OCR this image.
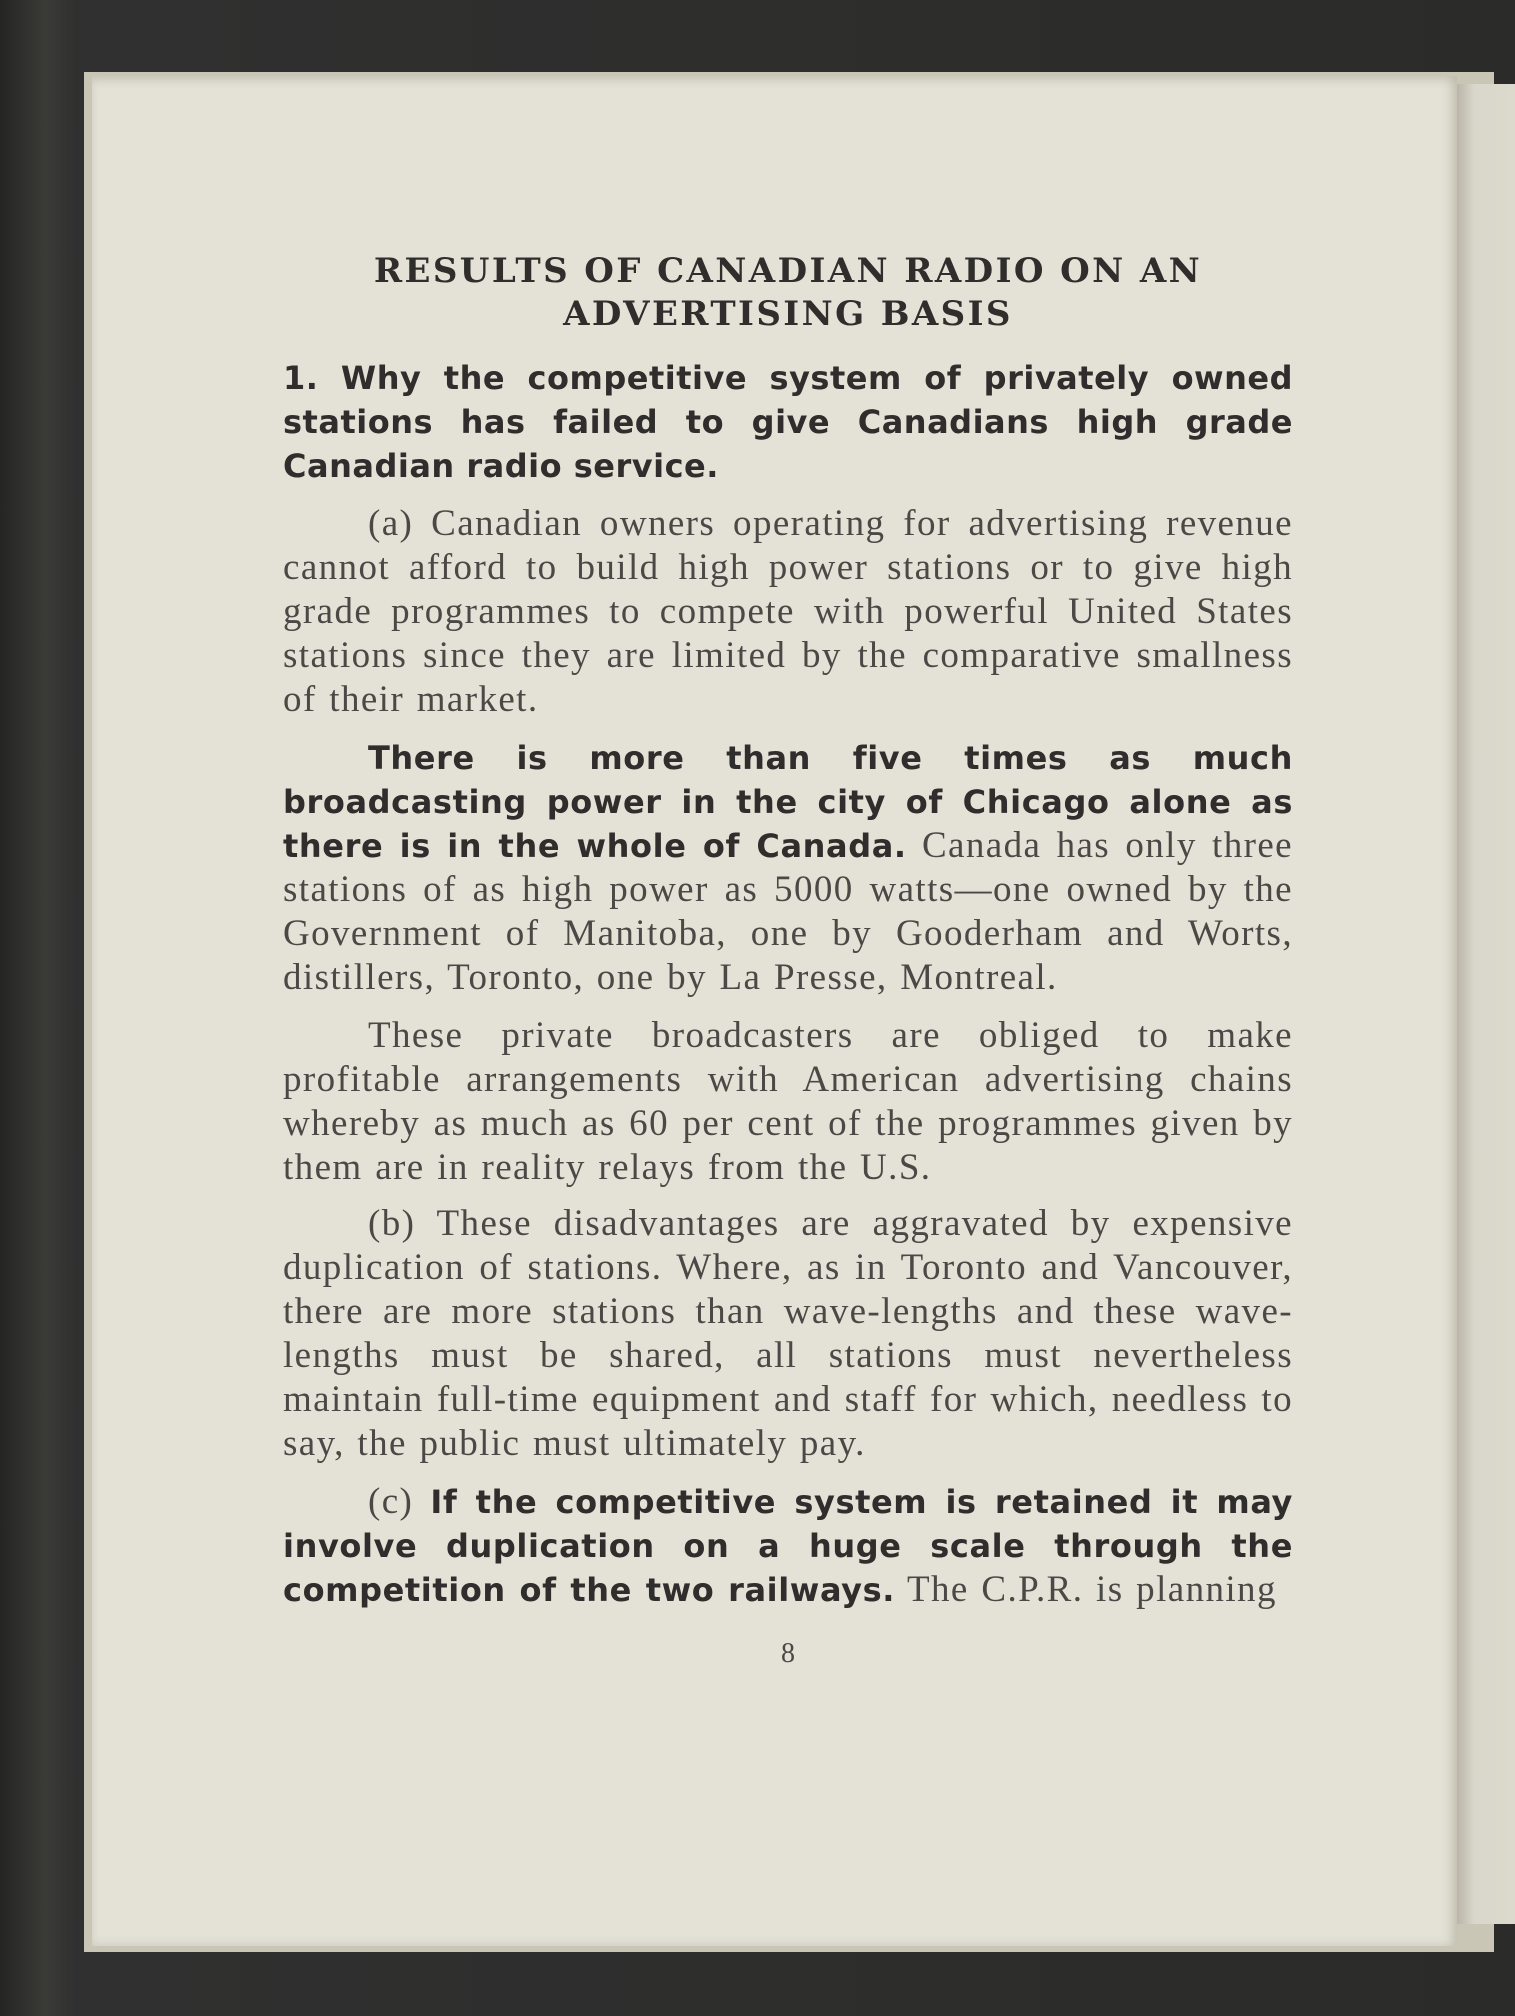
RESULTS OF CANADIAN RADIO ON AN ADVERTISING BASIS

1. Why the competitive system of privately owned stations has failed to give Canadians high grade Canadian radio service.

(a) Canadian owners operating for advertising revenue cannot afford to build high power stations or to give high grade programmes to compete with powerful United States stations since they are limited by the comparative smallness of their market.

There is more than five times as much broadcasting power in the city of Chicago alone as there is in the whole of Canada. Canada has only three stations of as high power as 5000 watts—one owned by the Government of Manitoba, one by Gooderham and Worts, distillers, Toronto, one by La Presse, Montreal.

These private broadcasters are obliged to make profitable arrangements with American advertising chains whereby as much as 60 per cent of the programmes given by them are in reality relays from the U.S.

(b) These disadvantages are aggravated by expensive duplication of stations. Where, as in Toronto and Vancouver, there are more stations than wave-lengths and these wave-lengths must be shared, all stations must nevertheless maintain full-time equipment and staff for which, needless to say, the public must ultimately pay.

(c) If the competitive system is retained it may involve duplication on a huge scale through the competition of the two railways. The C.P.R. is planning

8
